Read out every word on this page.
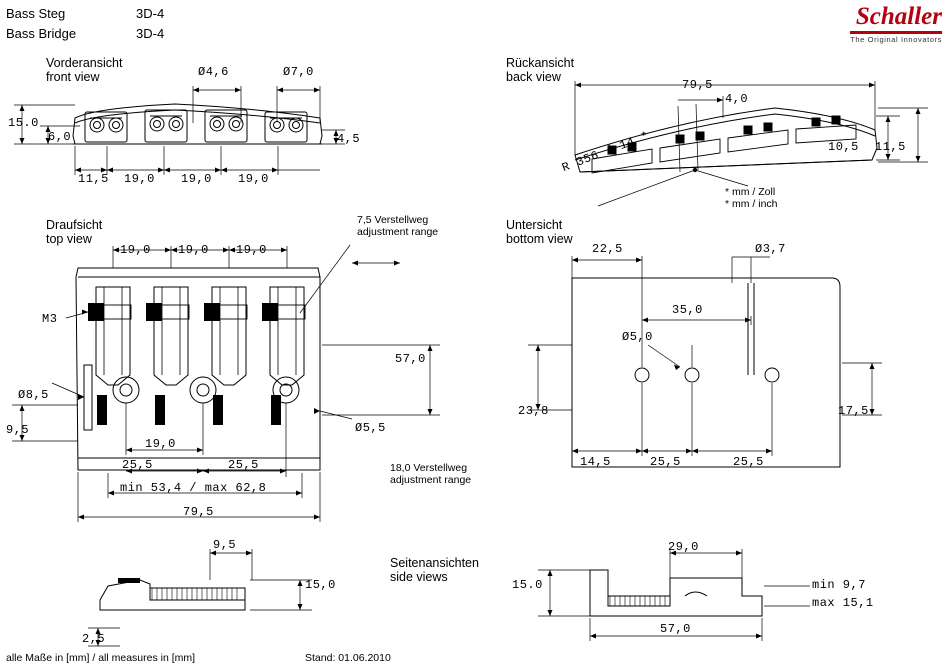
Bass Steg	3D-4
Bass Bridge	3D-4
Schaller
The Original Innovators
Vorderansicht
front view	Ø4,6	Ø7,0
15.0
6,0	4,5
11,5 19,0 19,0 19,0
Rückansicht
back view
79,5
4,0
10,5 11,5
R 356 / 14 *
* mm / Zoll
* mm / inch
Draufsicht
top view
7,5 Verstellweg
adjustment range
19,0 19,0 19,0
M3
Ø8,5
9,5	Ø5,5
57,0
19,0
25,5	25,5
min 53,4 / max 62,8
79,5
18,0 Verstellweg
adjustment range
Untersicht
bottom view
22,5	Ø3,7
35,0
Ø5,0
23,8	17,5
14,5	25,5	25,5
Seitenansichten
side views
9,5
15,0
2,5
15.0
29,0
57,0
min 9,7
max 15,1
alle Maße in [mm] / all measures in [mm]	Stand: 01.06.2010
